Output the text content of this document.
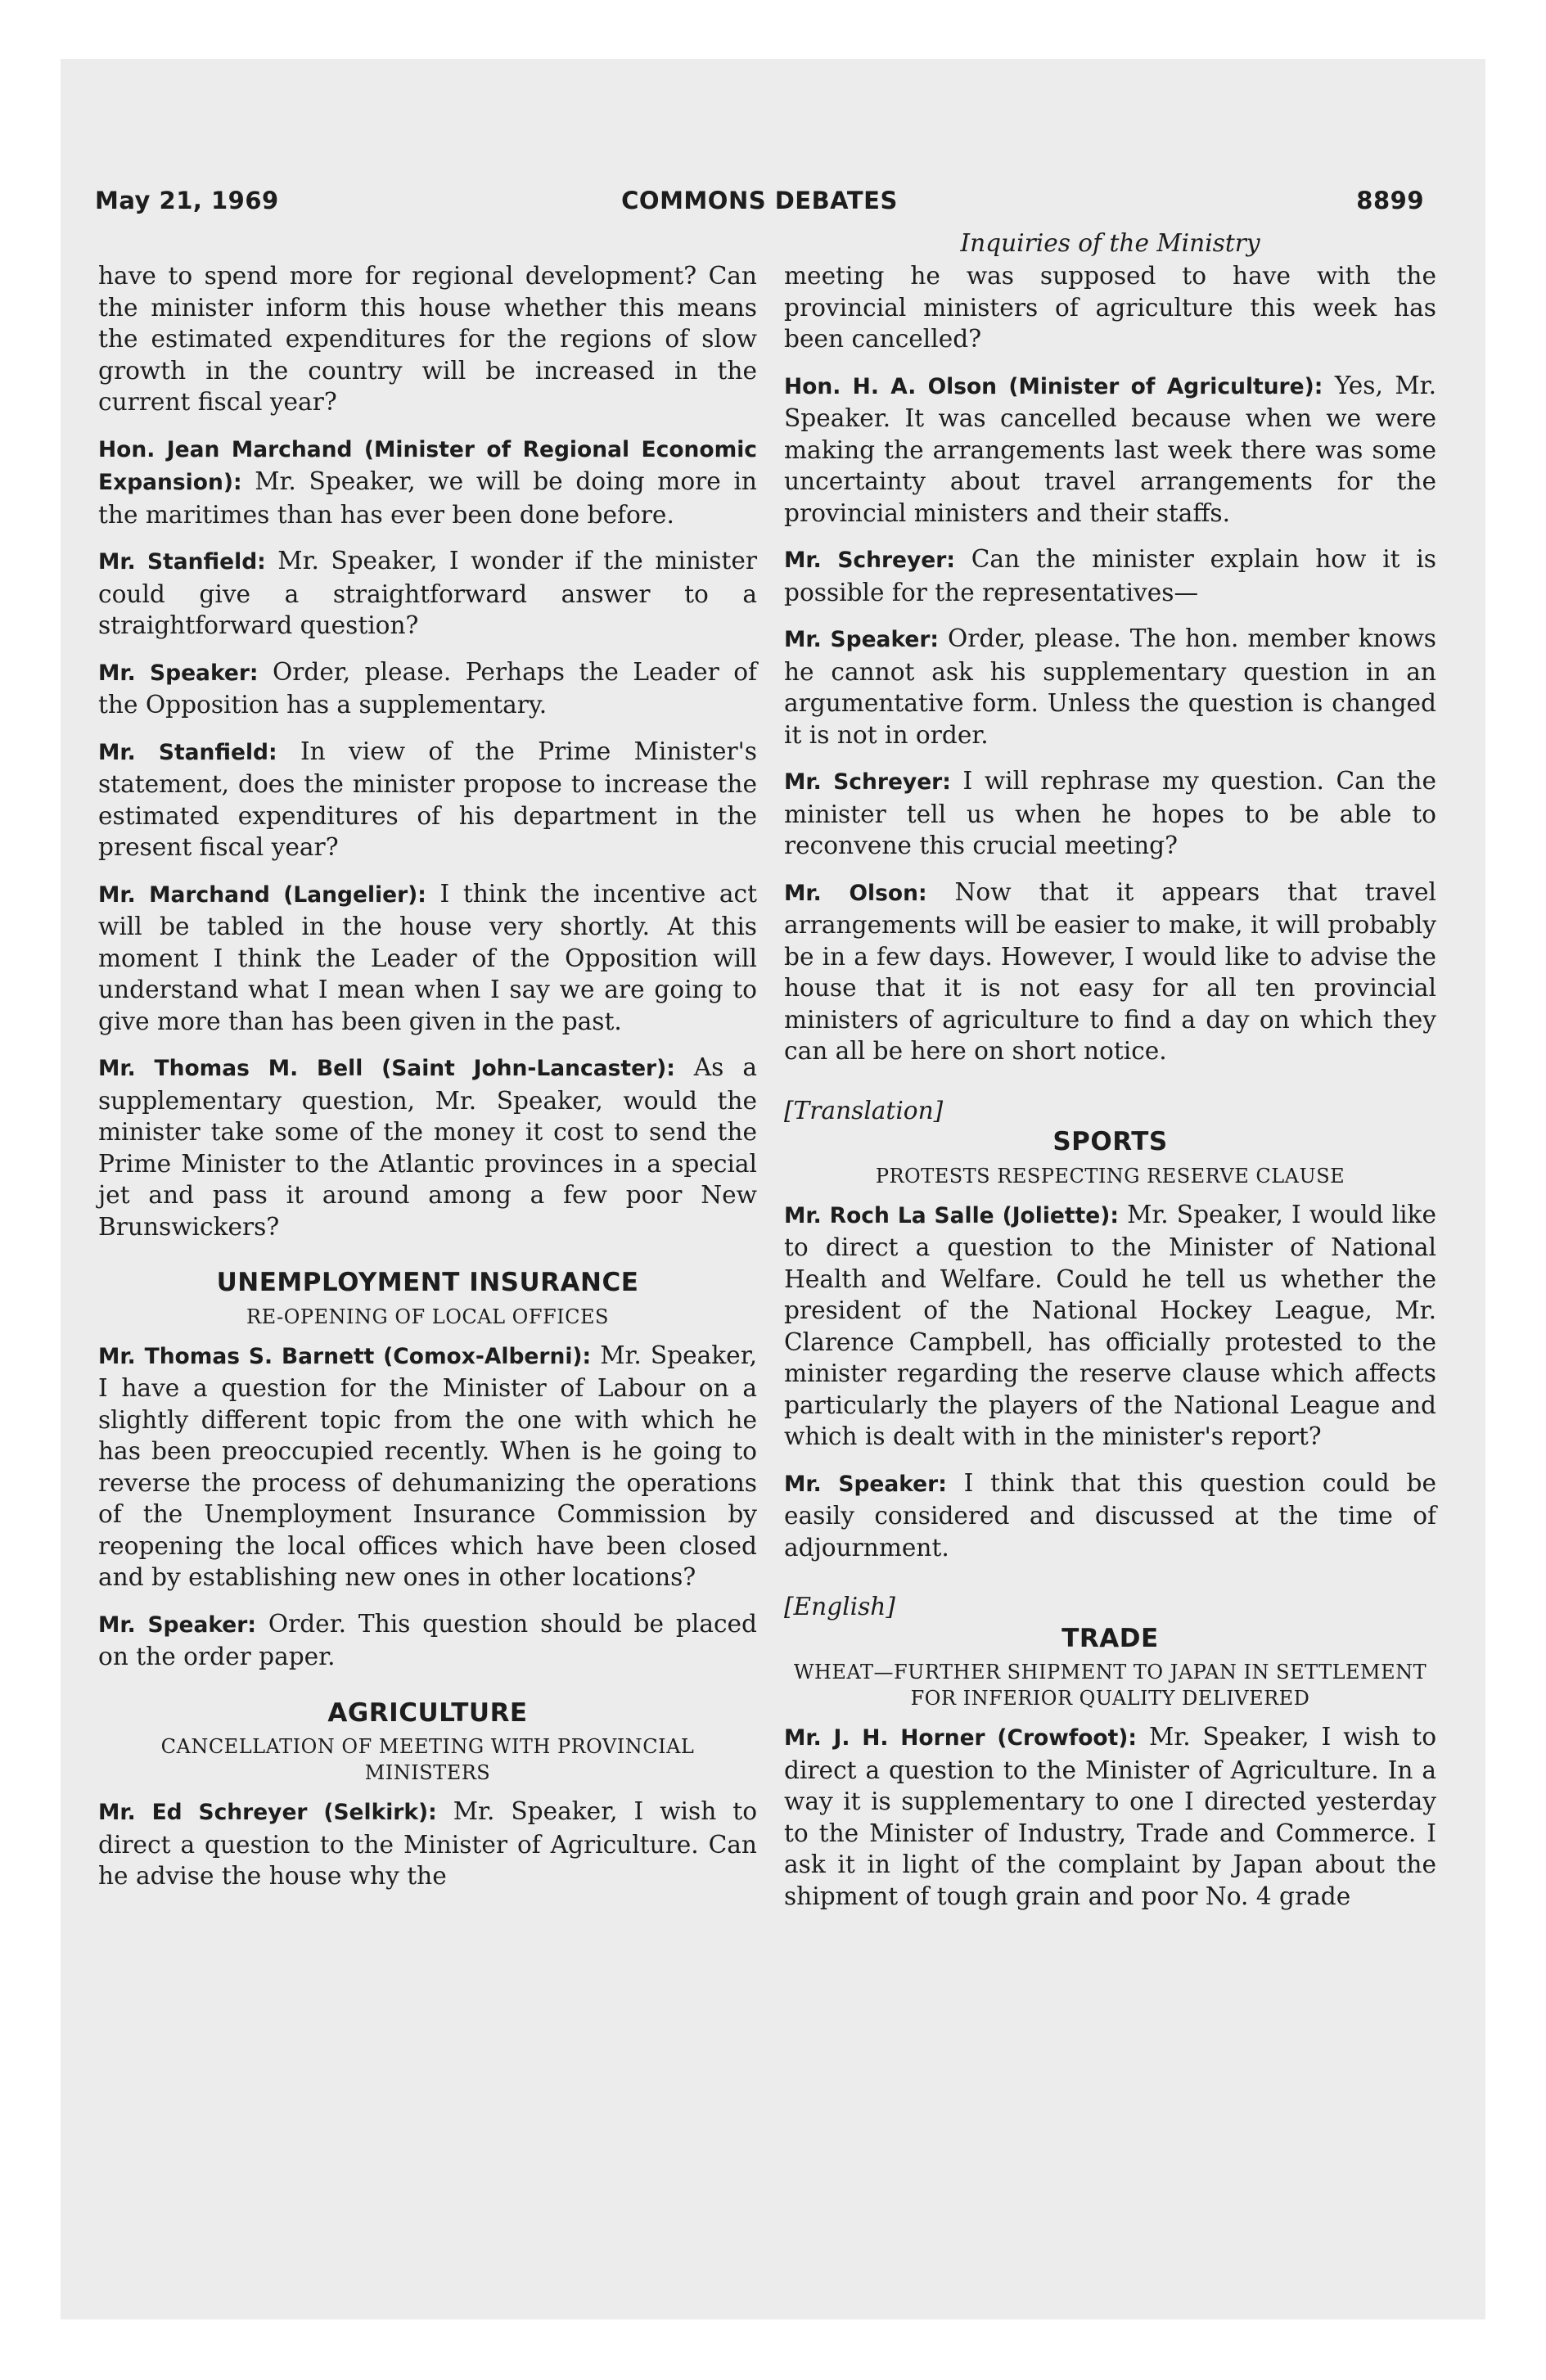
May 21, 1969	COMMONS DEBATES	8899

have to spend more for regional development? Can the minister inform this house whether this means the estimated expenditures for the regions of slow growth in the country will be increased in the current fiscal year?

Hon. Jean Marchand (Minister of Regional Economic Expansion): Mr. Speaker, we will be doing more in the maritimes than has ever been done before.

Mr. Stanfield: Mr. Speaker, I wonder if the minister could give a straightforward answer to a straightforward question?

Mr. Speaker: Order, please. Perhaps the Leader of the Opposition has a supplementary.

Mr. Stanfield: In view of the Prime Minister's statement, does the minister propose to increase the estimated expenditures of his department in the present fiscal year?

Mr. Marchand (Langelier): I think the incentive act will be tabled in the house very shortly. At this moment I think the Leader of the Opposition will understand what I mean when I say we are going to give more than has been given in the past.

Mr. Thomas M. Bell (Saint John-Lancaster): As a supplementary question, Mr. Speaker, would the minister take some of the money it cost to send the Prime Minister to the Atlantic provinces in a special jet and pass it around among a few poor New Brunswickers?

UNEMPLOYMENT INSURANCE
RE-OPENING OF LOCAL OFFICES

Mr. Thomas S. Barnett (Comox-Alberni): Mr. Speaker, I have a question for the Minister of Labour on a slightly different topic from the one with which he has been preoccupied recently. When is he going to reverse the process of dehumanizing the operations of the Unemployment Insurance Commission by reopening the local offices which have been closed and by establishing new ones in other locations?

Mr. Speaker: Order. This question should be placed on the order paper.

AGRICULTURE
CANCELLATION OF MEETING WITH PROVINCIAL MINISTERS

Mr. Ed Schreyer (Selkirk): Mr. Speaker, I wish to direct a question to the Minister of Agriculture. Can he advise the house why the

Inquiries of the Ministry

meeting he was supposed to have with the provincial ministers of agriculture this week has been cancelled?

Hon. H. A. Olson (Minister of Agriculture): Yes, Mr. Speaker. It was cancelled because when we were making the arrangements last week there was some uncertainty about travel arrangements for the provincial ministers and their staffs.

Mr. Schreyer: Can the minister explain how it is possible for the representatives—

Mr. Speaker: Order, please. The hon. member knows he cannot ask his supplementary question in an argumentative form. Unless the question is changed it is not in order.

Mr. Schreyer: I will rephrase my question. Can the minister tell us when he hopes to be able to reconvene this crucial meeting?

Mr. Olson: Now that it appears that travel arrangements will be easier to make, it will probably be in a few days. However, I would like to advise the house that it is not easy for all ten provincial ministers of agriculture to find a day on which they can all be here on short notice.

[Translation]
SPORTS
PROTESTS RESPECTING RESERVE CLAUSE

Mr. Roch La Salle (Joliette): Mr. Speaker, I would like to direct a question to the Minister of National Health and Welfare. Could he tell us whether the president of the National Hockey League, Mr. Clarence Campbell, has officially protested to the minister regarding the reserve clause which affects particularly the players of the National League and which is dealt with in the minister's report?

Mr. Speaker: I think that this question could be easily considered and discussed at the time of adjournment.

[English]
TRADE
WHEAT—FURTHER SHIPMENT TO JAPAN IN SETTLEMENT FOR INFERIOR QUALITY DELIVERED

Mr. J. H. Horner (Crowfoot): Mr. Speaker, I wish to direct a question to the Minister of Agriculture. In a way it is supplementary to one I directed yesterday to the Minister of Industry, Trade and Commerce. I ask it in light of the complaint by Japan about the shipment of tough grain and poor No. 4 grade
